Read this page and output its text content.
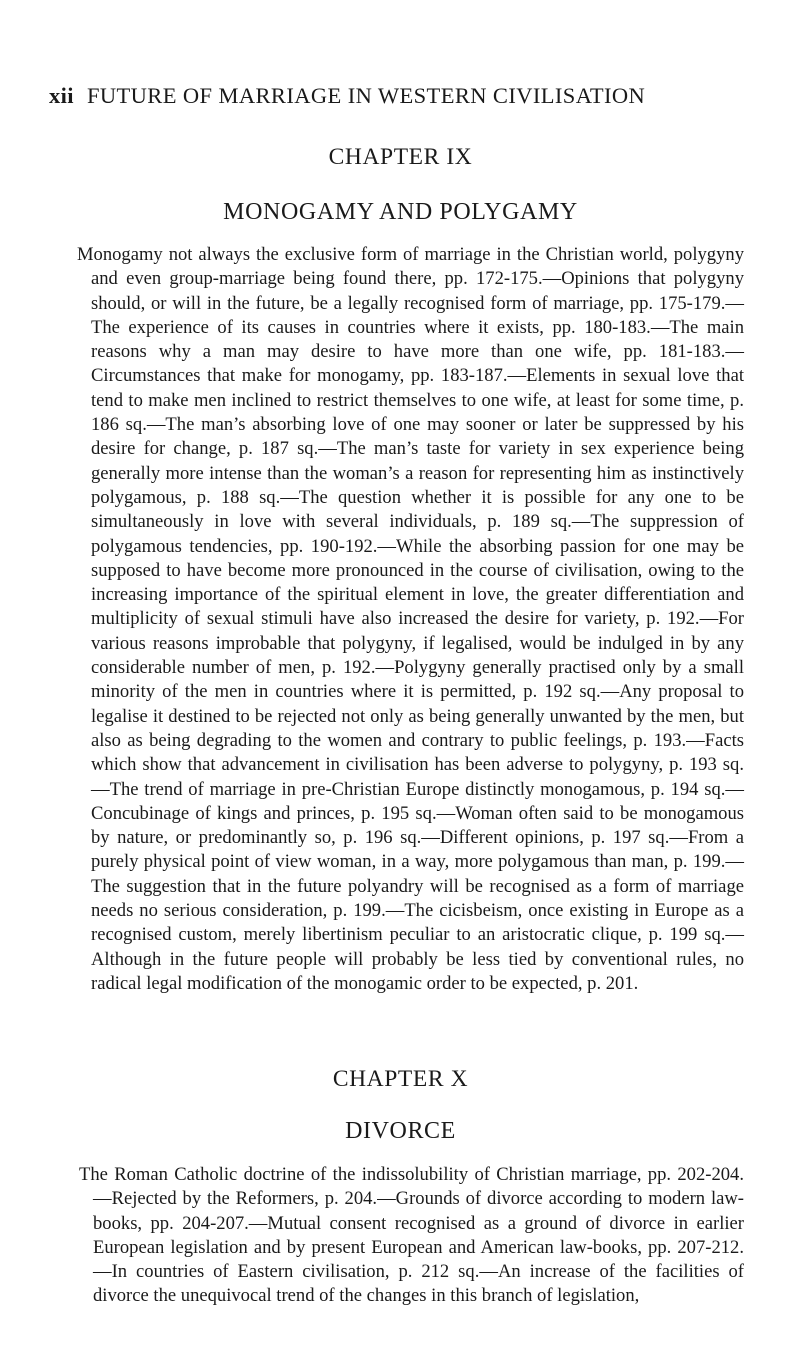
xii FUTURE OF MARRIAGE IN WESTERN CIVILISATION
CHAPTER IX
MONOGAMY AND POLYGAMY

Monogamy not always the exclusive form of marriage in the Christian world, polygyny and even group-marriage being found there, pp. 172-175.—Opinions that polygyny should, or will in the future, be a legally recognised form of marriage, pp. 175-179.—The experience of its causes in countries where it exists, pp. 180-183.—The main reasons why a man may desire to have more than one wife, pp. 181-183.—Circumstances that make for monogamy, pp. 183-187.—Elements in sexual love that tend to make men inclined to restrict themselves to one wife, at least for some time, p. 186 sq.—The man’s absorbing love of one may sooner or later be suppressed by his desire for change, p. 187 sq.—The man’s taste for variety in sex experience being generally more intense than the woman’s a reason for representing him as instinctively polygamous, p. 188 sq.—The question whether it is possible for any one to be simultaneously in love with several individuals, p. 189 sq.—The suppression of polygamous tendencies, pp. 190-192.—While the absorbing passion for one may be supposed to have become more pronounced in the course of civilisation, owing to the increasing importance of the spiritual element in love, the greater differentiation and multiplicity of sexual stimuli have also increased the desire for variety, p. 192.—For various reasons improbable that polygyny, if legalised, would be indulged in by any considerable number of men, p. 192.—Polygyny generally practised only by a small minority of the men in countries where it is permitted, p. 192 sq.—Any proposal to legalise it destined to be rejected not only as being generally unwanted by the men, but also as being degrading to the women and contrary to public feelings, p. 193.—Facts which show that advancement in civilisation has been adverse to polygyny, p. 193 sq.—The trend of marriage in pre-Christian Europe distinctly monogamous, p. 194 sq.—Concubinage of kings and princes, p. 195 sq.—Woman often said to be monogamous by nature, or predominantly so, p. 196 sq.—Different opinions, p. 197 sq.—From a purely physical point of view woman, in a way, more polygamous than man, p. 199.—The suggestion that in the future polyandry will be recognised as a form of marriage needs no serious consideration, p. 199.—The cicisbeism, once existing in Europe as a recognised custom, merely libertinism peculiar to an aristocratic clique, p. 199 sq.—Although in the future people will probably be less tied by conventional rules, no radical legal modification of the monogamic order to be expected, p. 201.

CHAPTER X
DIVORCE

The Roman Catholic doctrine of the indissolubility of Christian marriage, pp. 202-204.—Rejected by the Reformers, p. 204.—Grounds of divorce according to modern law-books, pp. 204-207.—Mutual consent recognised as a ground of divorce in earlier European legislation and by present European and American law-books, pp. 207-212.—In countries of Eastern civilisation, p. 212 sq.—An increase of the facilities of divorce the unequivocal trend of the changes in this branch of legislation,
